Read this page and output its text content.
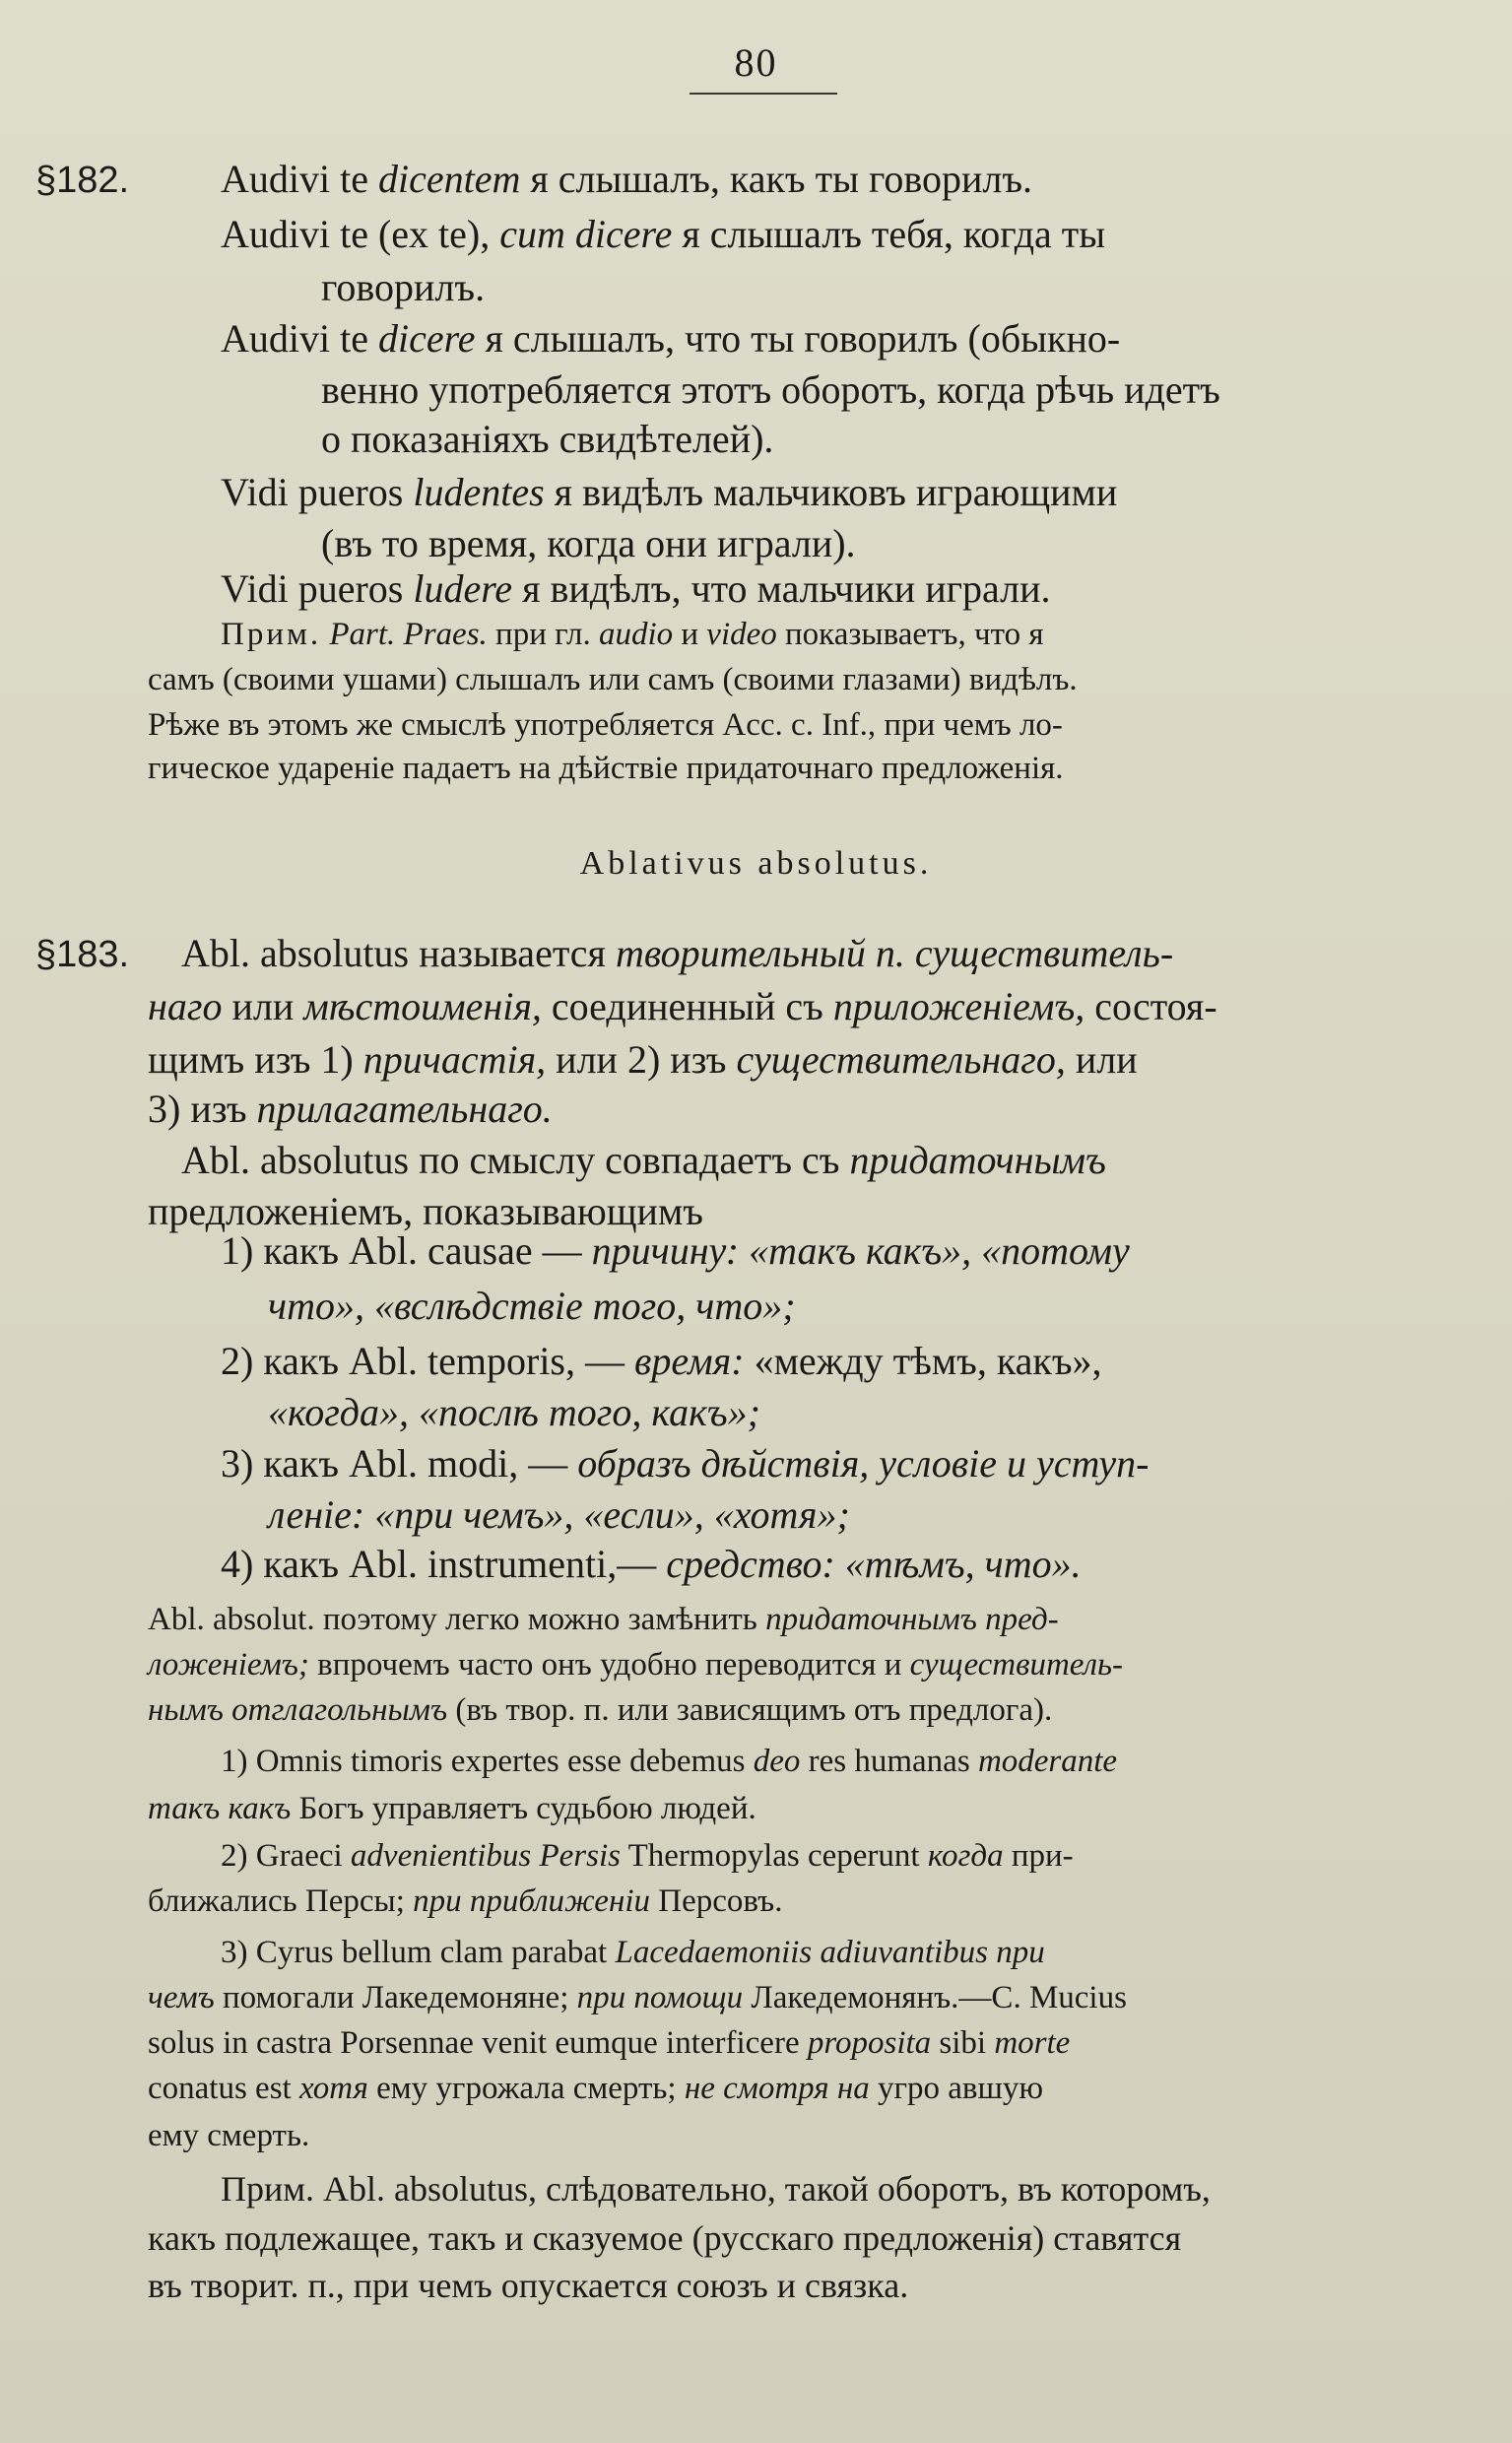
80
§182. Audivi te dicentem я слышалъ, какъ ты говорилъ.
Audivi te (ex te), cum dicere я слышалъ тебя, когда ты
говорилъ.
Audivi te dicere я слышалъ, что ты говорилъ (обыкно-
венно употребляется этотъ оборотъ, когда рѣчь идетъ
о показаніяхъ свидѣтелей).
Vidi pueros ludentes я видѣлъ мальчиковъ играющими
(въ то время, когда они играли).
Vidi pueros ludere я видѣлъ, что мальчики играли.
Прим. Part. Praes. при гл. audio и video показываетъ, что я
самъ (своими ушами) слышалъ или самъ (своими глазами) видѣлъ.
Рѣже въ этомъ же смыслѣ употребляется Acc. c. Inf., при чемъ ло-
гическое удареніе падаетъ на дѣйствіе придаточнаго предложенія.
Ablativus absolutus.
§183. Abl. absolutus называется творительный п. существитель-
наго или мѣстоименія, соединенный съ приложеніемъ, состоя-
щимъ изъ 1) причастія, или 2) изъ существительнаго, или
3) изъ прилагательнаго.
Abl. absolutus по смыслу совпадаетъ съ придаточнымъ
предложеніемъ, показывающимъ
1) какъ Abl. causae — причину: «такъ какъ», «потому
что», «вслѣдствіе того, что»;
2) какъ Abl. temporis, — время: «между тѣмъ, какъ»,
«когда», «послѣ того, какъ»;
3) какъ Abl. modi, — образъ дѣйствія, условіе и уступ-
леніе: «при чемъ», «если», «хотя»;
4) какъ Abl. instrumenti,— средство: «тѣмъ, что».
Abl. absolut. поэтому легко можно замѣнить придаточнымъ пред-
ложеніемъ; впрочемъ часто онъ удобно переводится и существитель-
нымъ отглагольнымъ (въ твор. п. или зависящимъ отъ предлога).
1) Omnis timoris expertes esse debemus deo res humanas moderante
такъ какъ Богъ управляетъ судьбою людей.
2) Graeci advenientibus Persis Thermopylas ceperunt когда при-
ближались Персы; при приближеніи Персовъ.
3) Cyrus bellum clam parabat Lacedaemoniis adiuvantibus при
чемъ помогали Лакедемоняне; при помощи Лакедемонянъ.—C. Mucius
solus in castra Porsennae venit eumque interficere proposita sibi morte
conatus est хотя ему угрожала смерть; не смотря на угро авшую
ему смерть.
Прим. Abl. absolutus, слѣдовательно, такой оборотъ, въ которомъ,
какъ подлежащее, такъ и сказуемое (русскаго предложенія) ставятся
въ творит. п., при чемъ опускается союзъ и связка.
